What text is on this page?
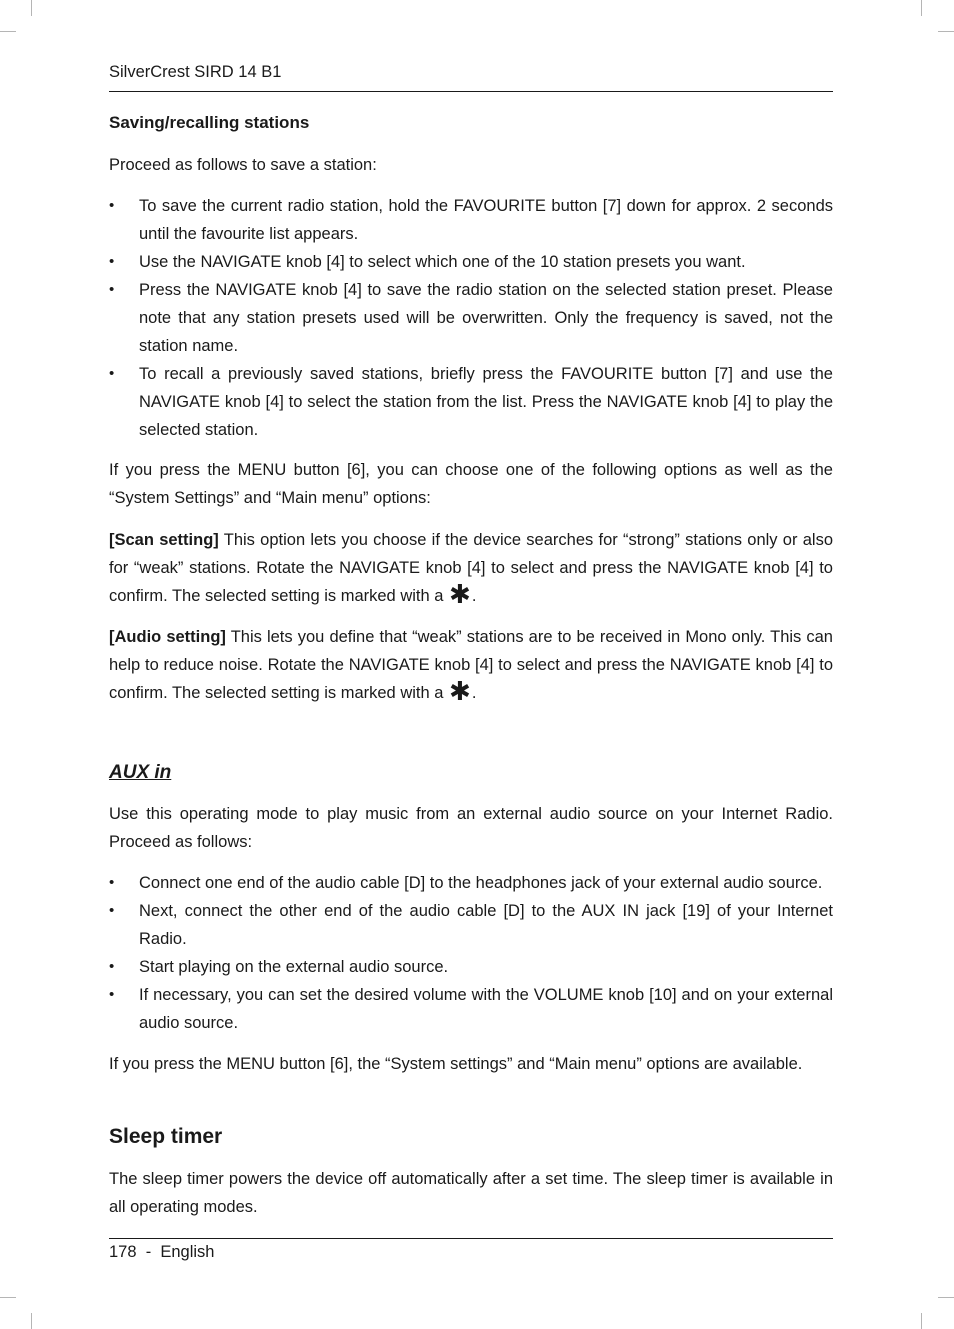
SilverCrest SIRD 14 B1
Saving/recalling stations

Proceed as follows to save a station:

• To save the current radio station, hold the FAVOURITE button [7] down for approx. 2 seconds until the favourite list appears.
• Use the NAVIGATE knob [4] to select which one of the 10 station presets you want.
• Press the NAVIGATE knob [4] to save the radio station on the selected station preset. Please note that any station presets used will be overwritten. Only the frequency is saved, not the station name.
• To recall a previously saved stations, briefly press the FAVOURITE button [7] and use the NAVIGATE knob [4] to select the station from the list. Press the NAVIGATE knob [4] to play the selected station.

If you press the MENU button [6], you can choose one of the following options as well as the “System Settings” and “Main menu” options:

[Scan setting] This option lets you choose if the device searches for “strong” stations only or also for “weak” stations. Rotate the NAVIGATE knob [4] to select and press the NAVIGATE knob [4] to confirm. The selected setting is marked with a ✱.

[Audio setting] This lets you define that “weak” stations are to be received in Mono only. This can help to reduce noise. Rotate the NAVIGATE knob [4] to select and press the NAVIGATE knob [4] to confirm. The selected setting is marked with a ✱.

AUX in

Use this operating mode to play music from an external audio source on your Internet Radio. Proceed as follows:

• Connect one end of the audio cable [D] to the headphones jack of your external audio source.
• Next, connect the other end of the audio cable [D] to the AUX IN jack [19] of your Internet Radio.
• Start playing on the external audio source.
• If necessary, you can set the desired volume with the VOLUME knob [10] and on your external audio source.

If you press the MENU button [6], the “System settings” and “Main menu” options are available.

Sleep timer

The sleep timer powers the device off automatically after a set time. The sleep timer is available in all operating modes.

178  -  English
